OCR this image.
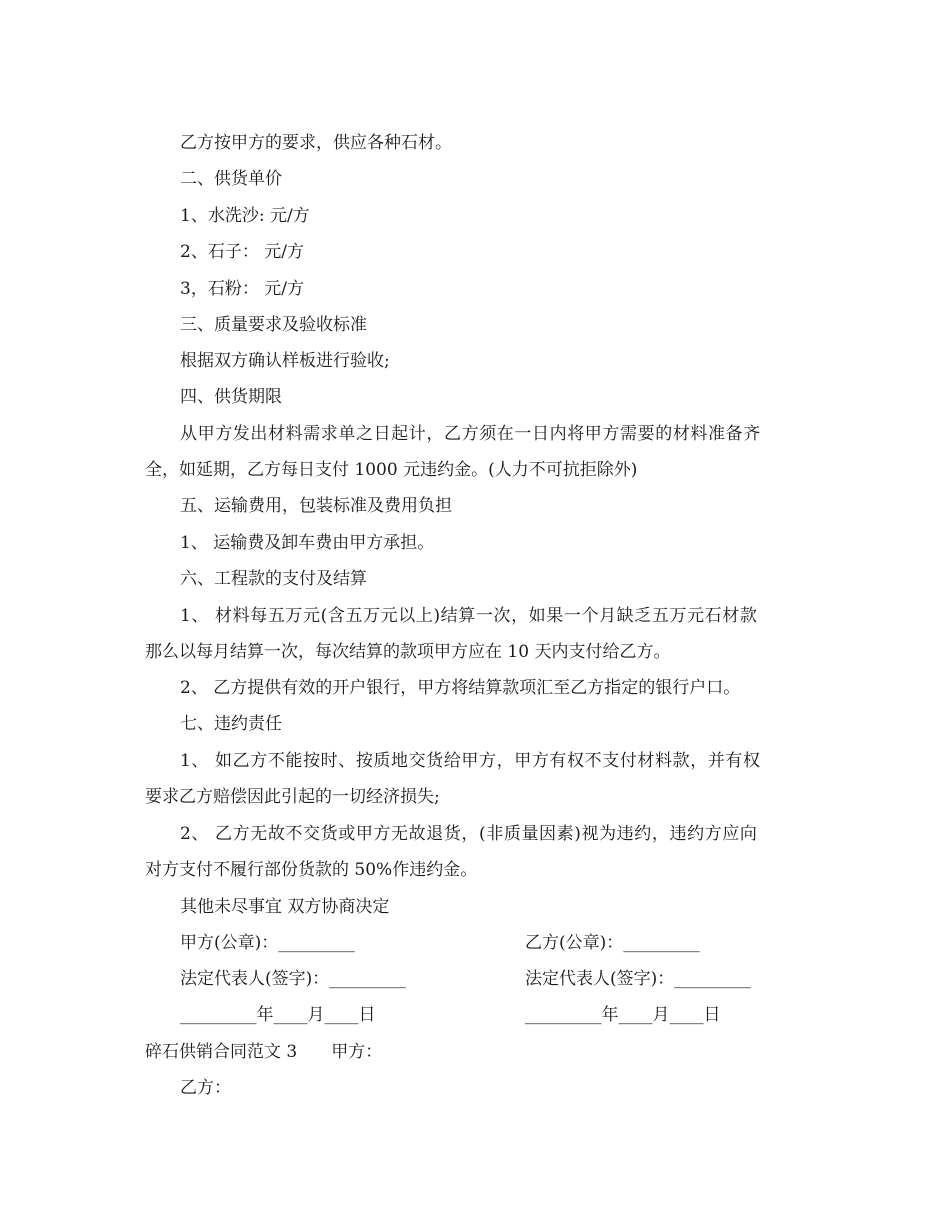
乙方按甲方的要求，供应各种石材。
二、供货单价
1、水洗沙: 元/方
2、石子： 元/方
3，石粉： 元/方
三、质量要求及验收标准
根据双方确认样板进行验收;
四、供货期限
从甲方发出材料需求单之日起计，乙方须在一日内将甲方需要的材料准备齐
全，如延期，乙方每日支付 1000 元违约金。(人力不可抗拒除外)
五、运输费用，包装标准及费用负担
1、 运输费及卸车费由甲方承担。
六、工程款的支付及结算
1、 材料每五万元(含五万元以上)结算一次，如果一个月缺乏五万元石材款
那么以每月结算一次，每次结算的款项甲方应在 10 天内支付给乙方。
2、 乙方提供有效的开户银行，甲方将结算款项汇至乙方指定的银行户口。
七、违约责任
1、 如乙方不能按时、按质地交货给甲方，甲方有权不支付材料款，并有权
要求乙方赔偿因此引起的一切经济损失;
2、 乙方无故不交货或甲方无故退货，(非质量因素)视为违约，违约方应向
对方支付不履行部份货款的 50%作违约金。
其他未尽事宜 双方协商决定
甲方(公章)：_________	乙方(公章)：_________
法定代表人(签字)：_________	法定代表人(签字)：_________
_________年____月____日	_________年____月____日
碎石供销合同范文 3　　甲方：
乙方：
